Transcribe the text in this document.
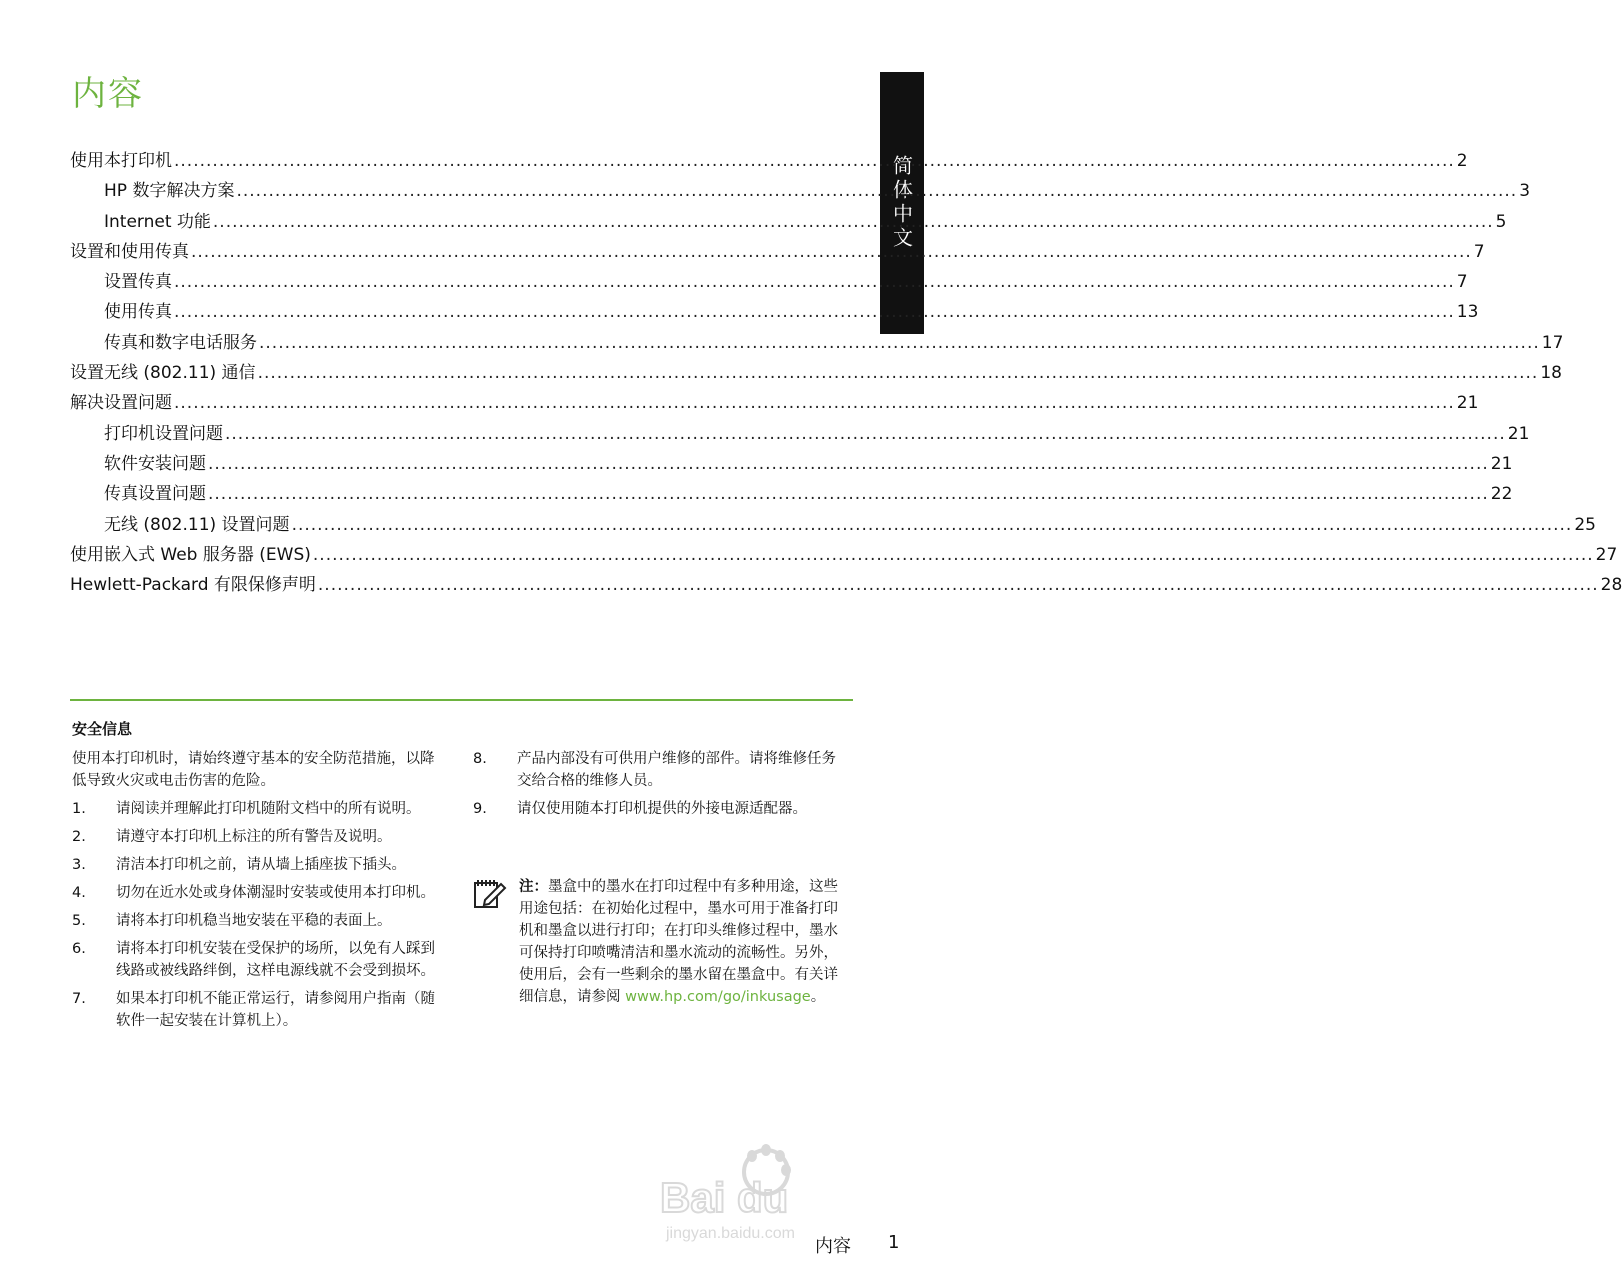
内容
简体中文
使用本打印机 ........................................................................................................................................................................................................ 2
HP 数字解决方案 ........................................................................................................................................................................................................ 3
Internet 功能 ........................................................................................................................................................................................................ 5
设置和使用传真 ........................................................................................................................................................................................................ 7
设置传真 ........................................................................................................................................................................................................ 7
使用传真 ........................................................................................................................................................................................................ 13
传真和数字电话服务 ........................................................................................................................................................................................................ 17
设置无线 (802.11) 通信 ........................................................................................................................................................................................................ 18
解决设置问题 ........................................................................................................................................................................................................ 21
打印机设置问题 ........................................................................................................................................................................................................ 21
软件安装问题 ........................................................................................................................................................................................................ 21
传真设置问题 ........................................................................................................................................................................................................ 22
无线 (802.11) 设置问题 ........................................................................................................................................................................................................ 25
使用嵌入式 Web 服务器 (EWS) ........................................................................................................................................................................................................ 27
Hewlett-Packard 有限保修声明 ........................................................................................................................................................................................................ 28
安全信息
使用本打印机时，请始终遵守基本的安全防范措施，以降低导致火灾或电击伤害的危险。
1.	请阅读并理解此打印机随附文档中的所有说明。
2.	请遵守本打印机上标注的所有警告及说明。
3.	清洁本打印机之前，请从墙上插座拔下插头。
4.	切勿在近水处或身体潮湿时安装或使用本打印机。
5.	请将本打印机稳当地安装在平稳的表面上。
6.	请将本打印机安装在受保护的场所，以免有人踩到线路或被线路绊倒，这样电源线就不会受到损坏。
7.	如果本打印机不能正常运行，请参阅用户指南（随软件一起安装在计算机上）。
8.	产品内部没有可供用户维修的部件。请将维修任务交给合格的维修人员。
9.	请仅使用随本打印机提供的外接电源适配器。
注：墨盒中的墨水在打印过程中有多种用途，这些用途包括：在初始化过程中，墨水可用于准备打印机和墨盒以进行打印；在打印头维修过程中，墨水可保持打印喷嘴清洁和墨水流动的流畅性。另外，使用后，会有一些剩余的墨水留在墨盒中。有关详细信息，请参阅 www.hp.com/go/inkusage。
Bai du
jingyan.baidu.com
内容 1
